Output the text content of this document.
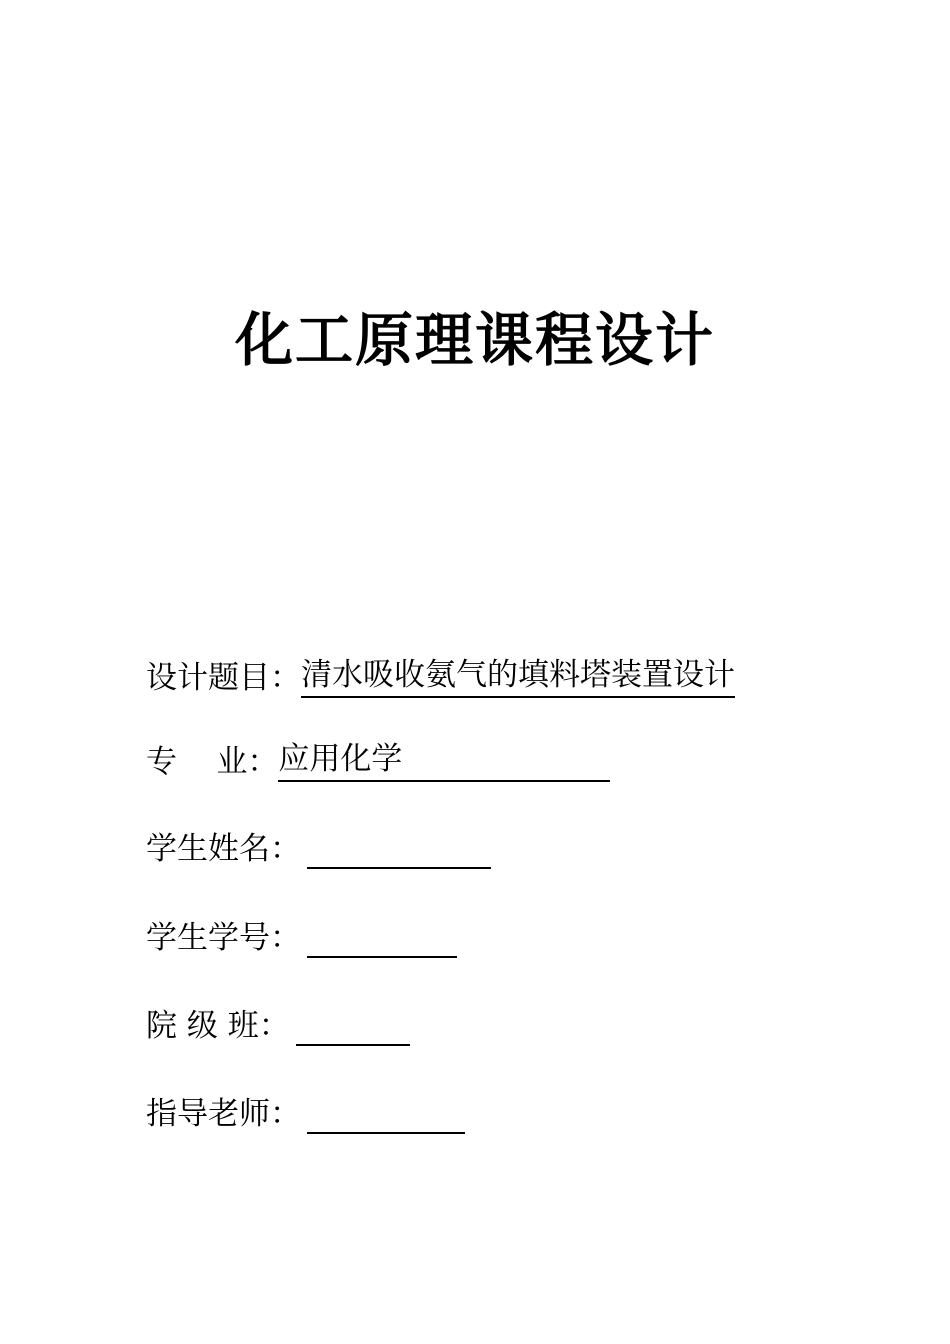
化工原理课程设计
设计题目： 清水吸收氨气的填料塔装置设计
专    业： 应用化学
学生姓名：
学生学号：
院 级 班：
指导老师：
